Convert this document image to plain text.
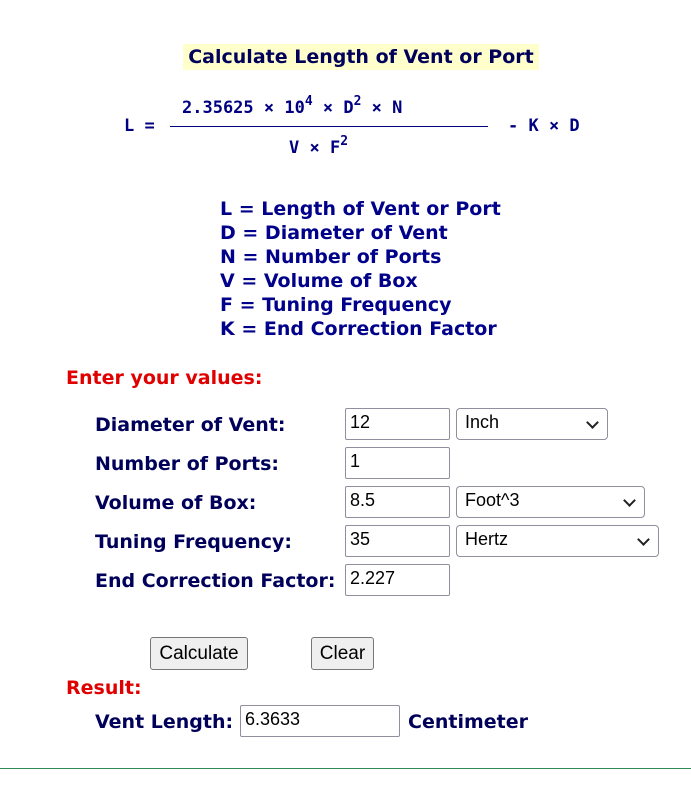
Calculate Length of Vent or Port
L =
$2.35625 \times 10^4 \times D^2 \times N$
$V \times F^2$
- K × D
L = Length of Vent or Port
D = Diameter of Vent
N = Number of Ports
V = Volume of Box
F = Tuning Frequency
K = End Correction Factor
Enter your values:
Diameter of Vent:	12	Inch
Number of Ports:	1
Volume of Box:	8.5	Foot^3
Tuning Frequency:	35	Hertz
End Correction Factor: 2.227
Calculate	Clear
Result:
Vent Length: 6.3633	Centimeter
